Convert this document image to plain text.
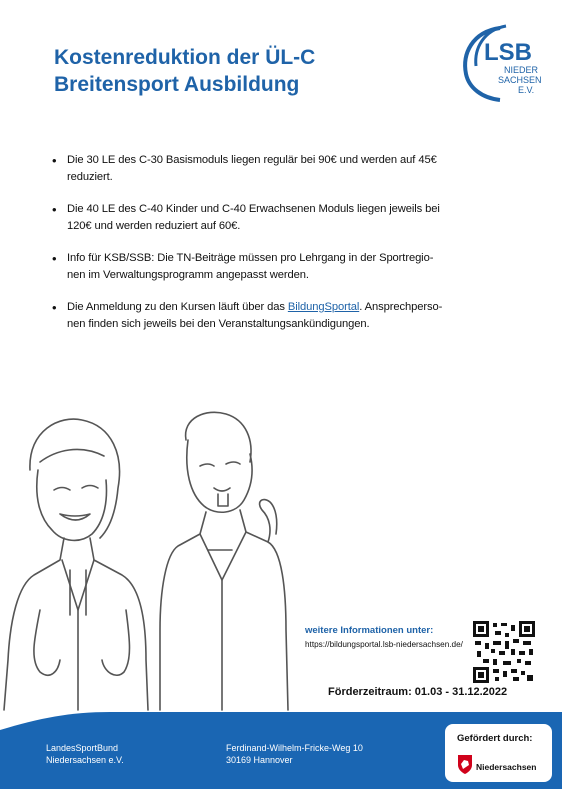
Kostenreduktion der ÜL-C
Breitensport Ausbildung
LSB
NIEDER
SACHSEN
E.V.
• Die 30 LE des C-30 Basismoduls liegen regulär bei 90€ und werden auf 45€
reduziert.
• Die 40 LE des C-40 Kinder und C-40 Erwachsenen Moduls liegen jeweils bei
120€ und werden reduziert auf 60€.
• Info für KSB/SSB: Die TN-Beiträge müssen pro Lehrgang in der Sportregio-
nen im Verwaltungsprogramm angepasst werden.
• Die Anmeldung zu den Kursen läuft über das BildungSportal. Ansprechperso-
nen finden sich jeweils bei den Veranstaltungsankündigungen.
weitere Informationen unter:
https://bildungsportal.lsb-niedersachsen.de/
Förderzeitraum: 01.03 - 31.12.2022
LandesSportBund
Niedersachsen e.V.
Ferdinand-Wilhelm-Fricke-Weg 10
30169 Hannover
Gefördert durch:
Niedersachsen
